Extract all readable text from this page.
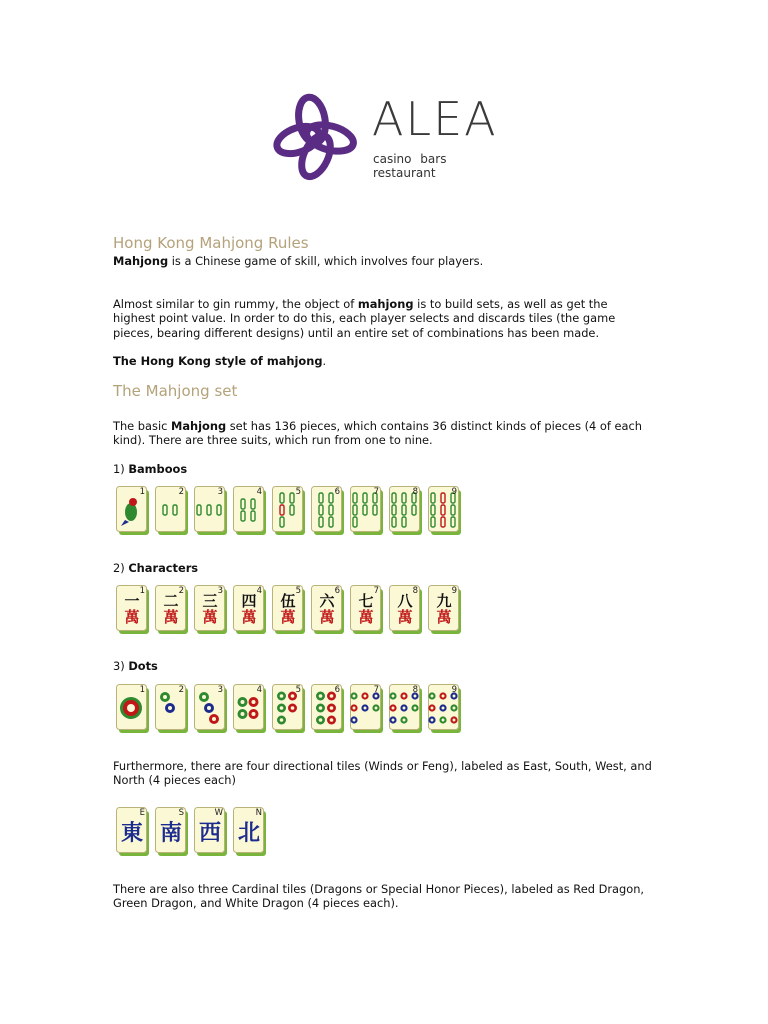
ALEA
casino bars restaurant
Hong Kong Mahjong Rules

Mahjong is a Chinese game of skill, which involves four players.

Almost similar to gin rummy, the object of mahjong is to build sets, as well as get the highest point value. In order to do this, each player selects and discards tiles (the game pieces, bearing different designs) until an entire set of combinations has been made.

The Hong Kong style of mahjong.

The Mahjong set

The basic Mahjong set has 136 pieces, which contains 36 distinct kinds of pieces (4 of each kind). There are three suits, which run from one to nine.

1) Bamboos

1	2	3	4	5	6	7	8	9

2) Characters

一
萬
1
二
萬
2
三
萬
3
四
萬
4
伍
萬
5
六
萬
6
七
萬
7
八
萬
8
九
萬
9

3) Dots

1	2	3	4	5	6	7	8	9

Furthermore, there are four directional tiles (Winds or Feng), labeled as East, South, West, and North (4 pieces each)

東
E
南
S
西
W
北
N

There are also three Cardinal tiles (Dragons or Special Honor Pieces), labeled as Red Dragon, Green Dragon, and White Dragon (4 pieces each).
